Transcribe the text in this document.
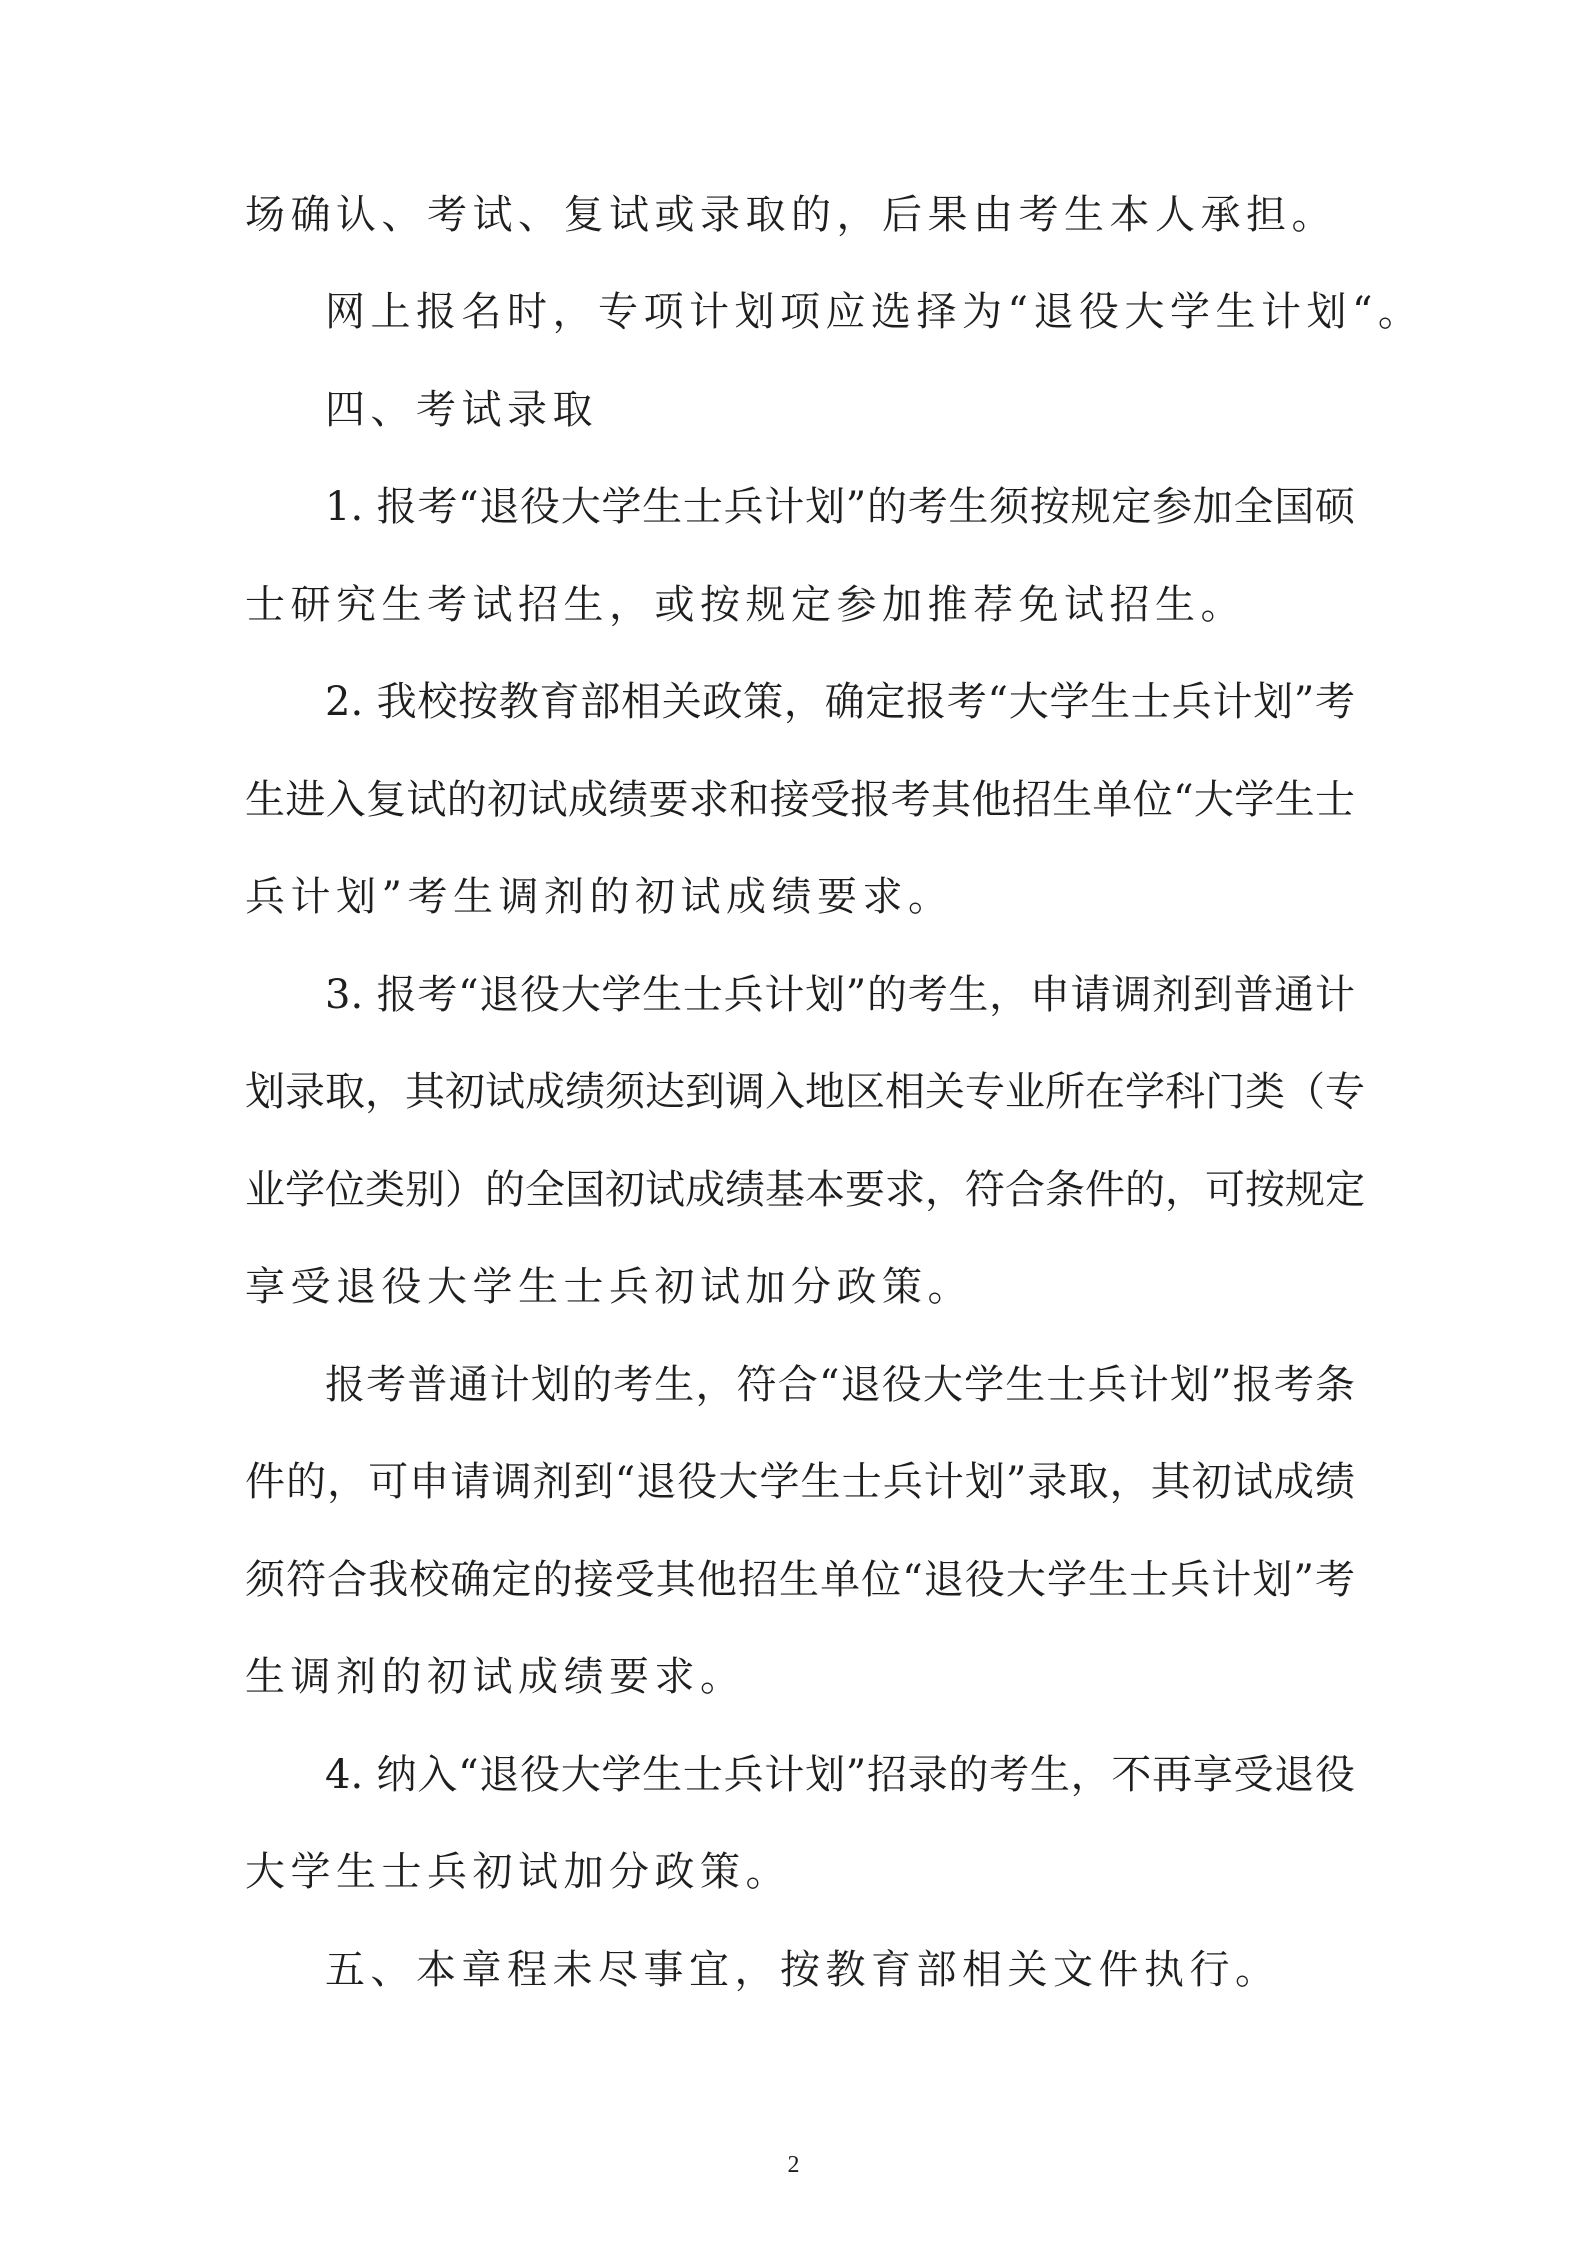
场确认、考试、复试或录取的，后果由考生本人承担。
网上报名时，专项计划项应选择为“退役大学生计划“。
四、考试录取
1. 报考“退役大学生士兵计划”的考生须按规定参加全国硕
士研究生考试招生，或按规定参加推荐免试招生。
2. 我校按教育部相关政策，确定报考“大学生士兵计划”考
生进入复试的初试成绩要求和接受报考其他招生单位“大学生士
兵计划”考生调剂的初试成绩要求。
3. 报考“退役大学生士兵计划”的考生，申请调剂到普通计
划录取，其初试成绩须达到调入地区相关专业所在学科门类（专
业学位类别）的全国初试成绩基本要求，符合条件的，可按规定
享受退役大学生士兵初试加分政策。
报考普通计划的考生，符合“退役大学生士兵计划”报考条
件的，可申请调剂到“退役大学生士兵计划”录取，其初试成绩
须符合我校确定的接受其他招生单位“退役大学生士兵计划”考
生调剂的初试成绩要求。
4. 纳入“退役大学生士兵计划”招录的考生，不再享受退役
大学生士兵初试加分政策。
五、本章程未尽事宜，按教育部相关文件执行。
2
